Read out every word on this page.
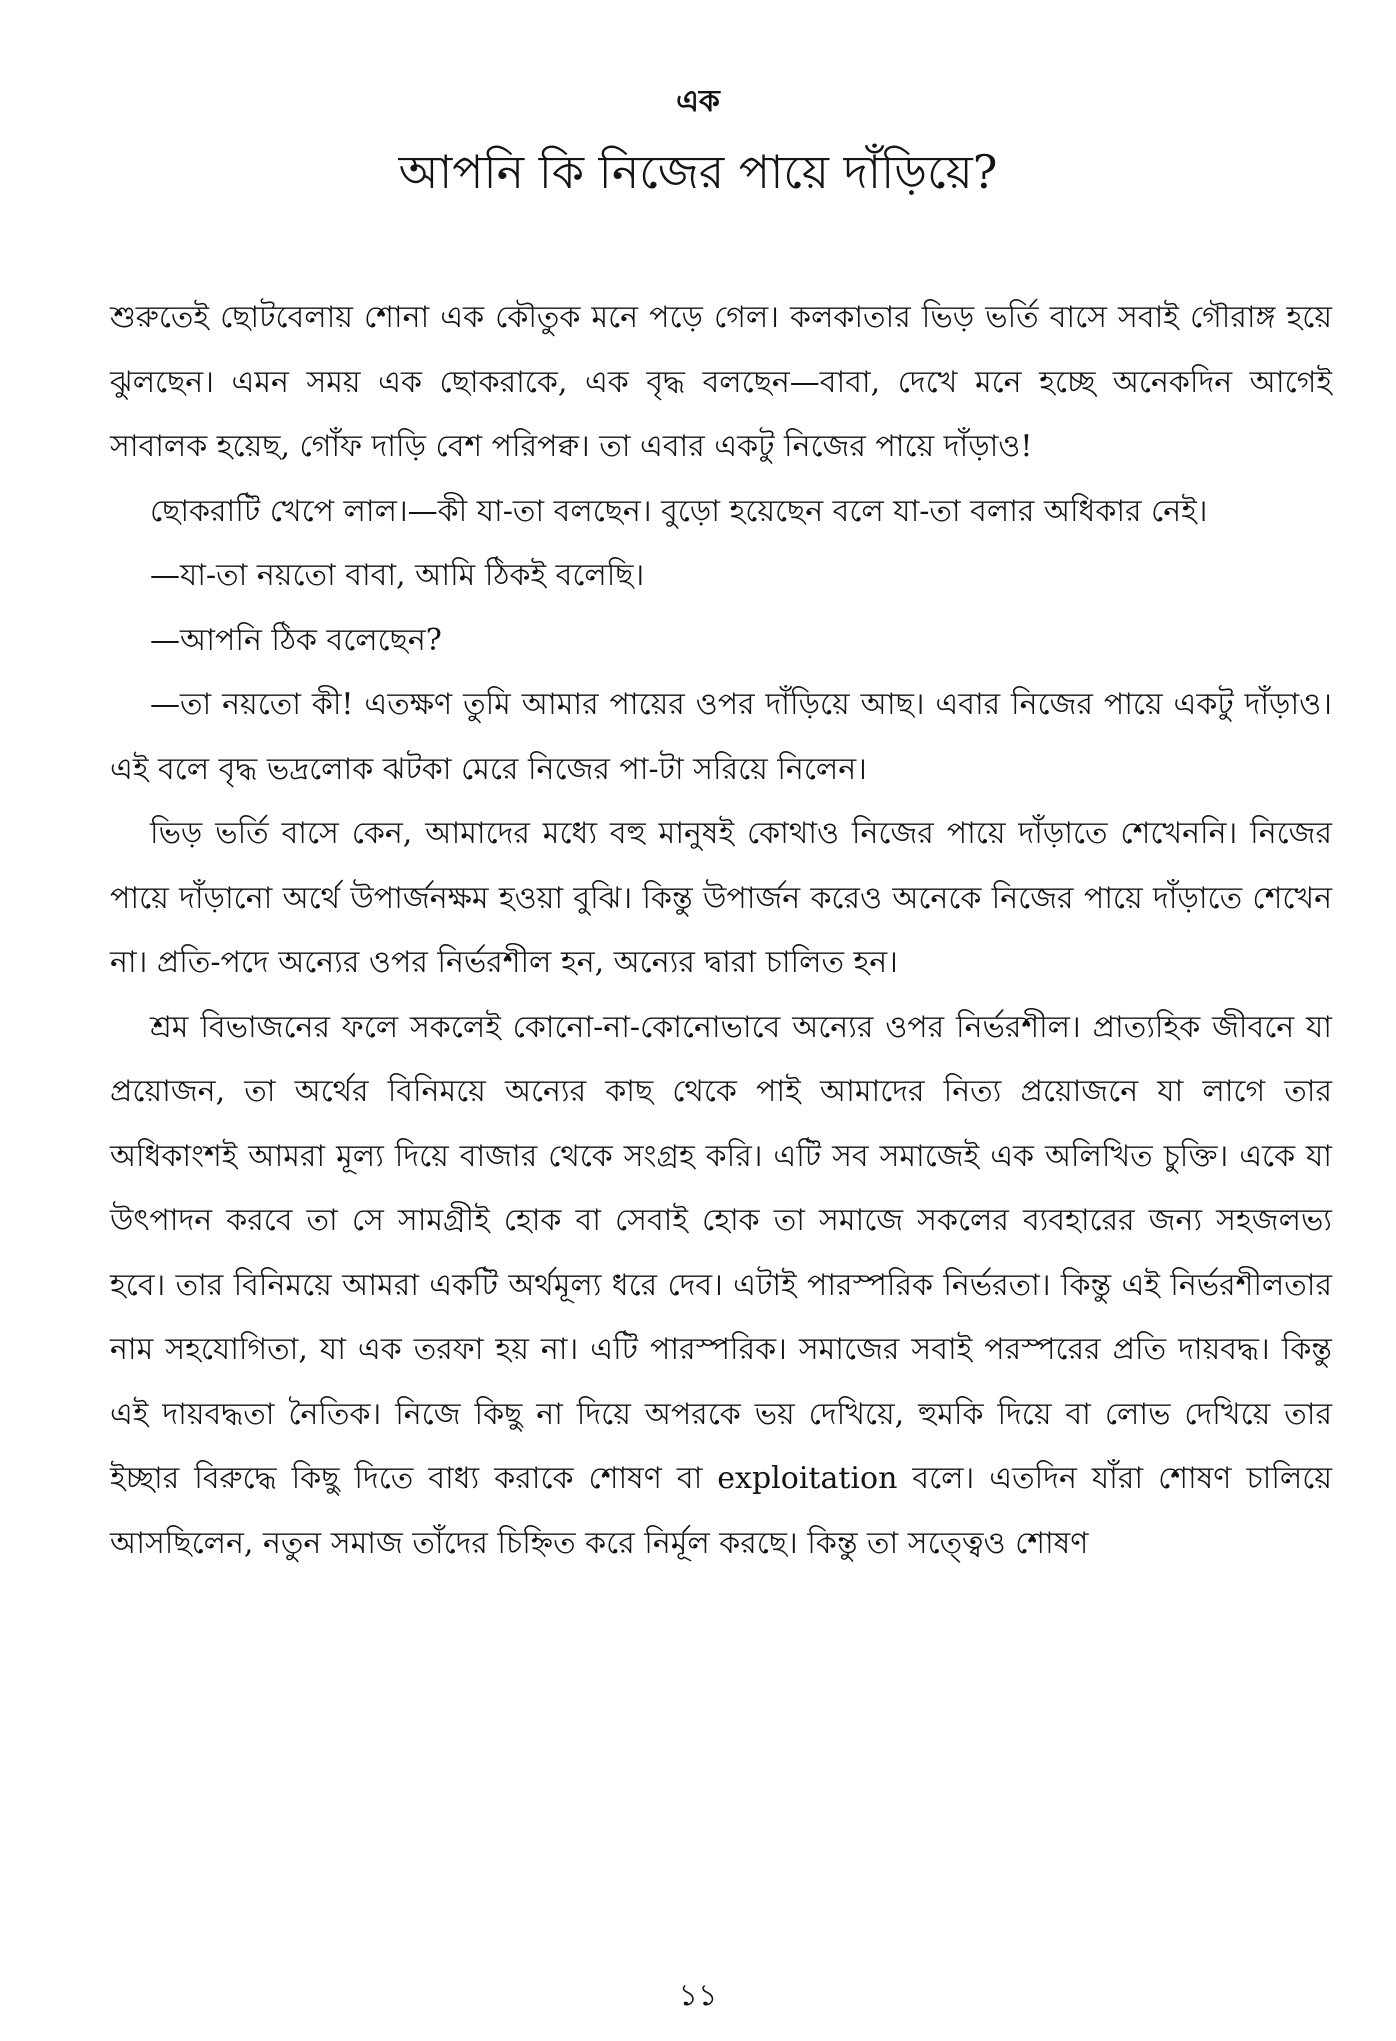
এক
আপনি কি নিজের পায়ে দাঁড়িয়ে?

শুরুতেই ছোটবেলায় শোনা এক কৌতুক মনে পড়ে গেল। কলকাতার ভিড় ভর্তি বাসে সবাই গৌরাঙ্গ হয়ে ঝুলছেন। এমন সময় এক ছোকরাকে, এক বৃদ্ধ বলছেন—বাবা, দেখে মনে হচ্ছে অনেকদিন আগেই সাবালক হয়েছ, গোঁফ দাড়ি বেশ পরিপক্ব। তা এবার একটু নিজের পায়ে দাঁড়াও!

ছোকরাটি খেপে লাল।—কী যা-তা বলছেন। বুড়ো হয়েছেন বলে যা-তা বলার অধিকার নেই।

—যা-তা নয়তো বাবা, আমি ঠিকই বলেছি।

—আপনি ঠিক বলেছেন?

—তা নয়তো কী! এতক্ষণ তুমি আমার পায়ের ওপর দাঁড়িয়ে আছ। এবার নিজের পায়ে একটু দাঁড়াও। এই বলে বৃদ্ধ ভদ্রলোক ঝটকা মেরে নিজের পা-টা সরিয়ে নিলেন।

ভিড় ভর্তি বাসে কেন, আমাদের মধ্যে বহু মানুষই কোথাও নিজের পায়ে দাঁড়াতে শেখেননি। নিজের পায়ে দাঁড়ানো অর্থে উপার্জনক্ষম হওয়া বুঝি। কিন্তু উপার্জন করেও অনেকে নিজের পায়ে দাঁড়াতে শেখেন না। প্রতি-পদে অন্যের ওপর নির্ভরশীল হন, অন্যের দ্বারা চালিত হন।

শ্রম বিভাজনের ফলে সকলেই কোনো-না-কোনোভাবে অন্যের ওপর নির্ভরশীল। প্রাত্যহিক জীবনে যা প্রয়োজন, তা অর্থের বিনিময়ে অন্যের কাছ থেকে পাই আমাদের নিত্য প্রয়োজনে যা লাগে তার অধিকাংশই আমরা মূল্য দিয়ে বাজার থেকে সংগ্রহ করি। এটি সব সমাজেই এক অলিখিত চুক্তি। একে যা উৎপাদন করবে তা সে সামগ্রীই হোক বা সেবাই হোক তা সমাজে সকলের ব্যবহারের জন্য সহজলভ্য হবে। তার বিনিময়ে আমরা একটি অর্থমূল্য ধরে দেব। এটাই পারস্পরিক নির্ভরতা। কিন্তু এই নির্ভরশীলতার নাম সহযোগিতা, যা এক তরফা হয় না। এটি পারস্পরিক। সমাজের সবাই পরস্পরের প্রতি দায়বদ্ধ। কিন্তু এই দায়বদ্ধতা নৈতিক। নিজে কিছু না দিয়ে অপরকে ভয় দেখিয়ে, হুমকি দিয়ে বা লোভ দেখিয়ে তার ইচ্ছার বিরুদ্ধে কিছু দিতে বাধ্য করাকে শোষণ বা exploitation বলে। এতদিন যাঁরা শোষণ চালিয়ে আসছিলেন, নতুন সমাজ তাঁদের চিহ্নিত করে নির্মূল করছে। কিন্তু তা সত্ত্বেও শোষণ

১১
